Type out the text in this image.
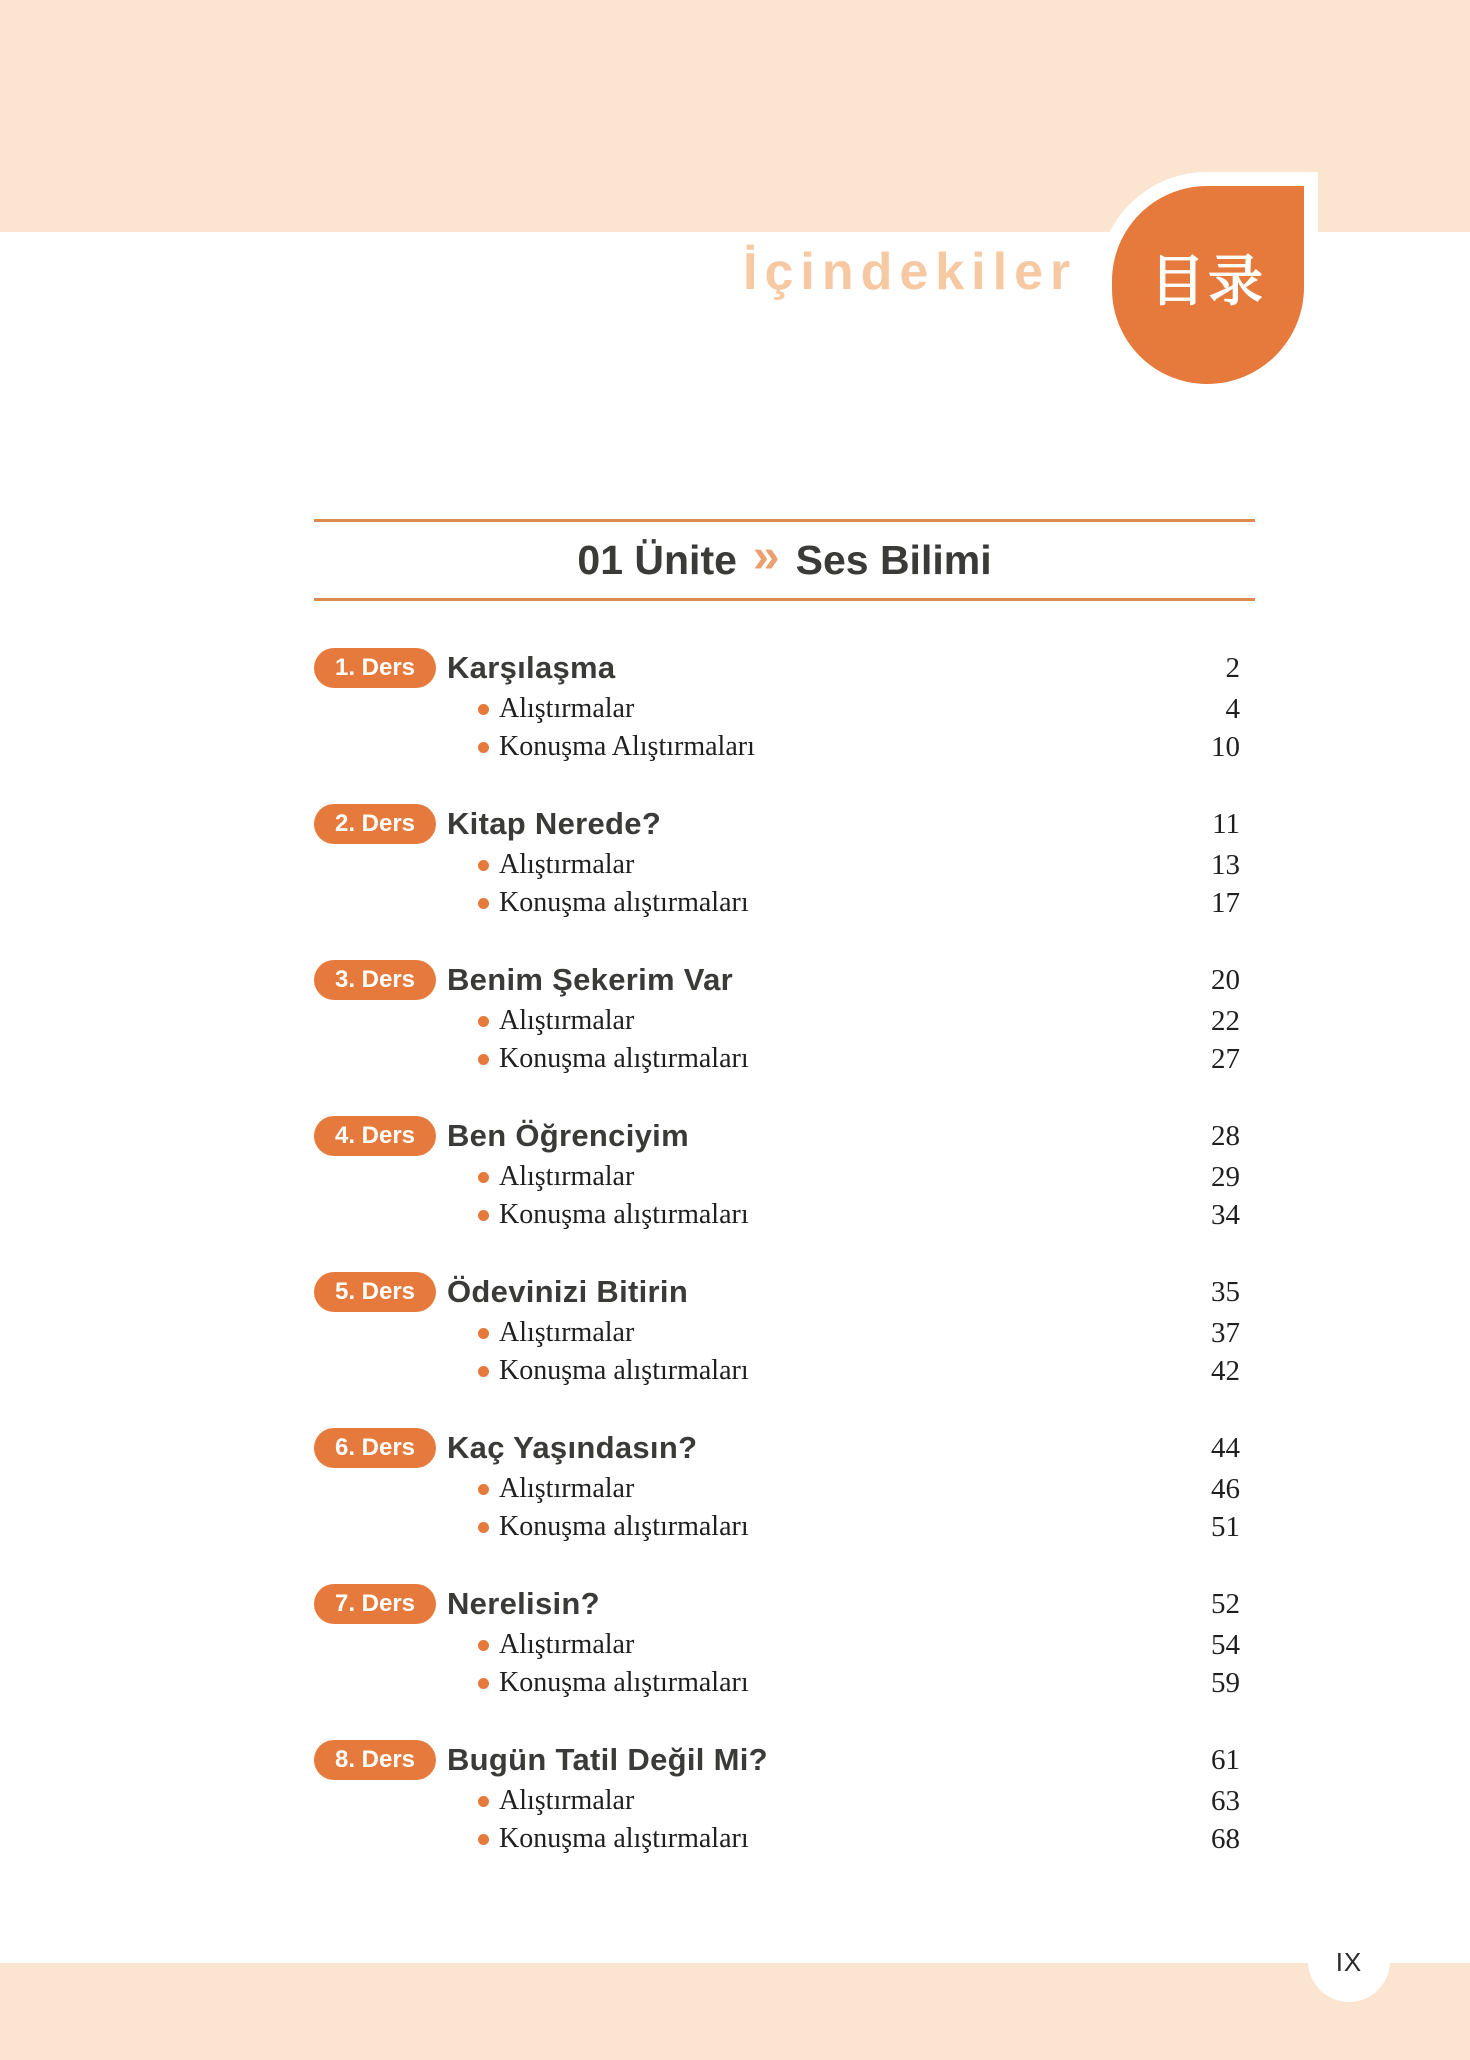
İçindekiler 目录
01 Ünite » Ses Bilimi
1. Ders	Karşılaşma	2
Alıştırmalar	4
Konuşma Alıştırmaları	10
2. Ders	Kitap Nerede?	11
Alıştırmalar	13
Konuşma alıştırmaları	17
3. Ders	Benim Şekerim Var	20
Alıştırmalar	22
Konuşma alıştırmaları	27
4. Ders	Ben Öğrenciyim	28
Alıştırmalar	29
Konuşma alıştırmaları	34
5. Ders	Ödevinizi Bitirin	35
Alıştırmalar	37
Konuşma alıştırmaları	42
6. Ders	Kaç Yaşındasın?	44
Alıştırmalar	46
Konuşma alıştırmaları	51
7. Ders	Nerelisin?	52
Alıştırmalar	54
Konuşma alıştırmaları	59
8. Ders	Bugün Tatil Değil Mi?	61
Alıştırmalar	63
Konuşma alıştırmaları	68
IX
